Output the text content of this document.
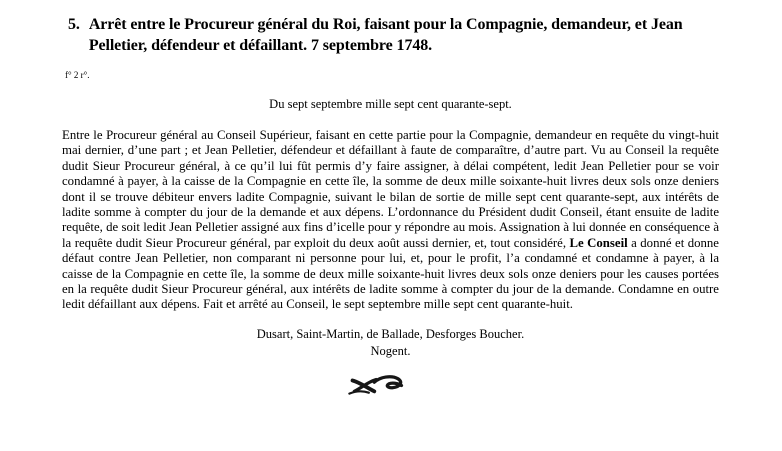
5. Arrêt entre le Procureur général du Roi, faisant pour la Compagnie, demandeur, et Jean Pelletier, défendeur et défaillant. 7 septembre 1748.
f° 2 r°.
Du sept septembre mille sept cent quarante-sept.

Entre le Procureur général au Conseil Supérieur, faisant en cette partie pour la Compagnie, demandeur en requête du vingt-huit mai dernier, d’une part ; et Jean Pelletier, défendeur et défaillant à faute de comparaître, d’autre part. Vu au Conseil la requête dudit Sieur Procureur général, à ce qu’il lui fût permis d’y faire assigner, à délai compétent, ledit Jean Pelletier pour se voir condamné à payer, à la caisse de la Compagnie en cette île, la somme de deux mille soixante-huit livres deux sols onze deniers dont il se trouve débiteur envers ladite Compagnie, suivant le bilan de sortie de mille sept cent quarante-sept, aux intérêts de ladite somme à compter du jour de la demande et aux dépens. L’ordonnance du Président dudit Conseil, étant ensuite de ladite requête, de soit ledit Jean Pelletier assigné aux fins d’icelle pour y répondre au mois. Assignation à lui donnée en conséquence à la requête dudit Sieur Procureur général, par exploit du deux août aussi dernier, et, tout considéré, Le Conseil a donné et donne défaut contre Jean Pelletier, non comparant ni personne pour lui, et, pour le profit, l’a condamné et condamne à payer, à la caisse de la Compagnie en cette île, la somme de deux mille soixante-huit livres deux sols onze deniers pour les causes portées en la requête dudit Sieur Procureur général, aux intérêts de ladite somme à compter du jour de la demande. Condamne en outre ledit défaillant aux dépens. Fait et arrêté au Conseil, le sept septembre mille sept cent quarante-huit.

Dusart, Saint-Martin, de Ballade, Desforges Boucher.
Nogent.
